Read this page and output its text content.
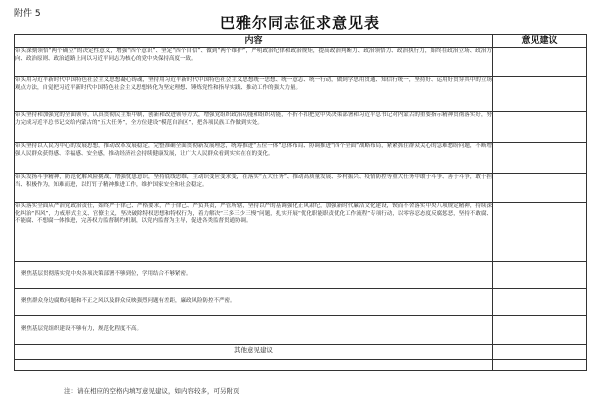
附件 5	巴雅尔同志征求意见表
内容	意见建议
带头深刻领悟“两个确立”的决定性意义，增强“四个意识”、坚定“四个自信”、做到“两个维护”，严明政治纪律和政治规矩，提高政治判断力、政治领悟力、政治执行力，始终在政治立场、政治方向、政治原则、政治道路上同以习近平同志为核心的党中央保持高度一致。	
带头用习近平新时代中国特色社会主义思想凝心铸魂，坚持用习近平新时代中国特色社会主义思想统一思想、统一意志、统一行动，做到学思用贯通、知信行统一，坚持好、运用好贯穿其中的立场观点方法，自觉把习近平新时代中国特色社会主义思想转化为坚定理想、锤炼党性和指导实践、推动工作的强大力量。	
带头坚持和加强党的全面领导，认真贯彻民主集中制，创新和改进领导方式，增强党组织政治功能和组织功能，不折不扣把党中央决策部署和习近平总书记对内蒙古的重要指示精神贯彻落实好，努力完成习近平总书记交给内蒙古的“五大任务”，全方位建设“模范自治区”，把各项民族工作做到实处。	
带头坚持以人民为中心的发展思想，推动改革发展稳定，完整准确全面贯彻新发展理念，统筹推进“五位一体”总体布局、协调推进“四个全面”战略布局，紧紧抓住群众关心的急难愁盼问题，不断增强人民群众获得感、幸福感、安全感，推动经济社会持续健康发展，让广大人民群众看到实实在在的变化。	
带头发扬斗争精神，防范化解风险挑战，增强忧患意识，坚持底线思维，主动识变应变求变，在落实“五大任务”、推动高质量发展、乡村振兴、疫情防控等重大任务中敢于斗争、善于斗争，敢于担当、积极作为，知难而进，以钉钉子精神推进工作，维护国家安全和社会稳定。	
带头落实全面从严治党政治责任，始终严于律己、严格要求，严于律己、严负其责，严管所辖，坚持以严的基调强化正风肃纪，加强新时代廉洁文化建设，锲而不舍落实中央八项规定精神，持续深化纠治“四风”，力戒形式主义、官僚主义，坚决破除特权思想和特权行为，着力解决“三多三少三慢”问题，扎实开展“优化职能职责优化工作流程”专项行动，以零容忍态度反腐惩恶，坚持不敢腐、不能腐、不想腐一体推进，完善权力监督制约机制，以党内监督为主导，促进各类监督贯通协调。	
聚焦基层贯彻落实党中央各项决策部署不够到位，学用结合不够紧密。	
聚焦群众身边腐败问题和不正之风以及群众反映强烈问题有差距，廉政风险防控不严密。	
聚焦基层党组织建设不够有力，规范化程度不高。	
其他意见建议	

注：请在相应的空格内填写意见建议，如内容较多，可另附页
